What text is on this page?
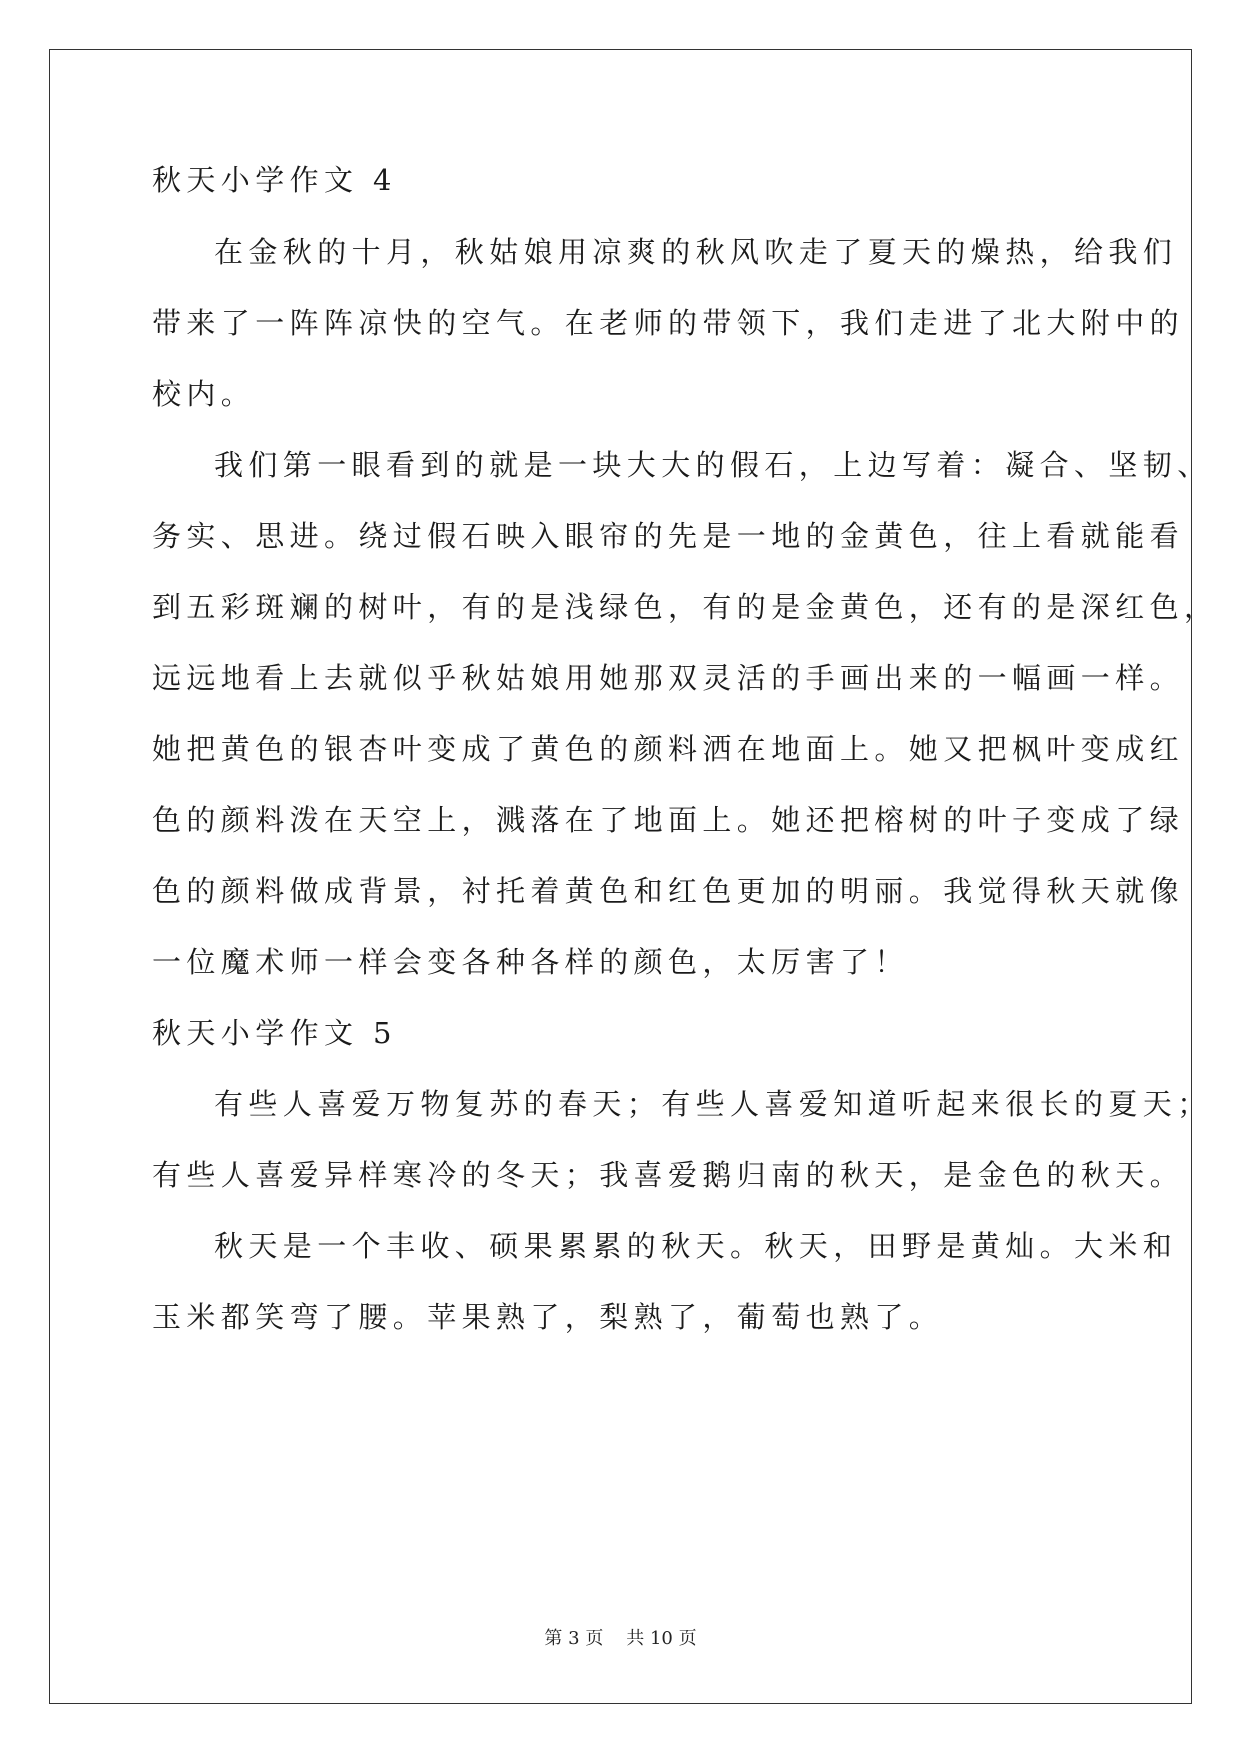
秋天小学作文 4
在金秋的十月，秋姑娘用凉爽的秋风吹走了夏天的燥热，给我们
带来了一阵阵凉快的空气。在老师的带领下，我们走进了北大附中的
校内。
我们第一眼看到的就是一块大大的假石，上边写着：凝合、坚韧、
务实、思进。绕过假石映入眼帘的先是一地的金黄色，往上看就能看
到五彩斑斓的树叶，有的是浅绿色，有的是金黄色，还有的是深红色，
远远地看上去就似乎秋姑娘用她那双灵活的手画出来的一幅画一样。
她把黄色的银杏叶变成了黄色的颜料洒在地面上。她又把枫叶变成红
色的颜料泼在天空上，溅落在了地面上。她还把榕树的叶子变成了绿
色的颜料做成背景，衬托着黄色和红色更加的明丽。我觉得秋天就像
一位魔术师一样会变各种各样的颜色，太厉害了！
秋天小学作文 5
有些人喜爱万物复苏的春天；有些人喜爱知道听起来很长的夏天；
有些人喜爱异样寒冷的冬天；我喜爱鹅归南的秋天，是金色的秋天。
秋天是一个丰收、硕果累累的秋天。秋天，田野是黄灿。大米和
玉米都笑弯了腰。苹果熟了，梨熟了，葡萄也熟了。
第 3 页 共 10 页
